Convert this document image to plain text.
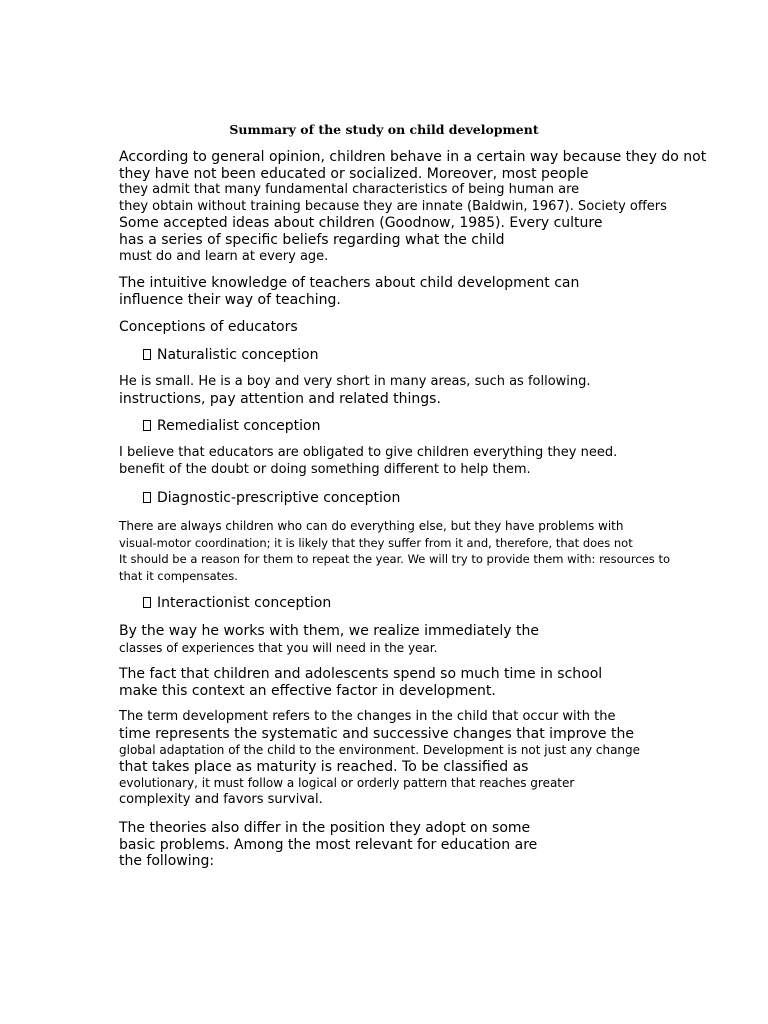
Summary of the study on child development
According to general opinion, children behave in a certain way because they do not
they have not been educated or socialized. Moreover, most people
they admit that many fundamental characteristics of being human are
they obtain without training because they are innate (Baldwin, 1967). Society offers
Some accepted ideas about children (Goodnow, 1985). Every culture
has a series of specific beliefs regarding what the child
must do and learn at every age.
The intuitive knowledge of teachers about child development can
influence their way of teaching.
Conceptions of educators
Naturalistic conception
He is small. He is a boy and very short in many areas, such as following.
instructions, pay attention and related things.
Remedialist conception
I believe that educators are obligated to give children everything they need.
benefit of the doubt or doing something different to help them.
Diagnostic-prescriptive conception
There are always children who can do everything else, but they have problems with
visual-motor coordination; it is likely that they suffer from it and, therefore, that does not
It should be a reason for them to repeat the year. We will try to provide them with: resources to
that it compensates.
Interactionist conception
By the way he works with them, we realize immediately the
classes of experiences that you will need in the year.
The fact that children and adolescents spend so much time in school
make this context an effective factor in development.
The term development refers to the changes in the child that occur with the
time represents the systematic and successive changes that improve the
global adaptation of the child to the environment. Development is not just any change
that takes place as maturity is reached. To be classified as
evolutionary, it must follow a logical or orderly pattern that reaches greater
complexity and favors survival.
The theories also differ in the position they adopt on some
basic problems. Among the most relevant for education are
the following:
